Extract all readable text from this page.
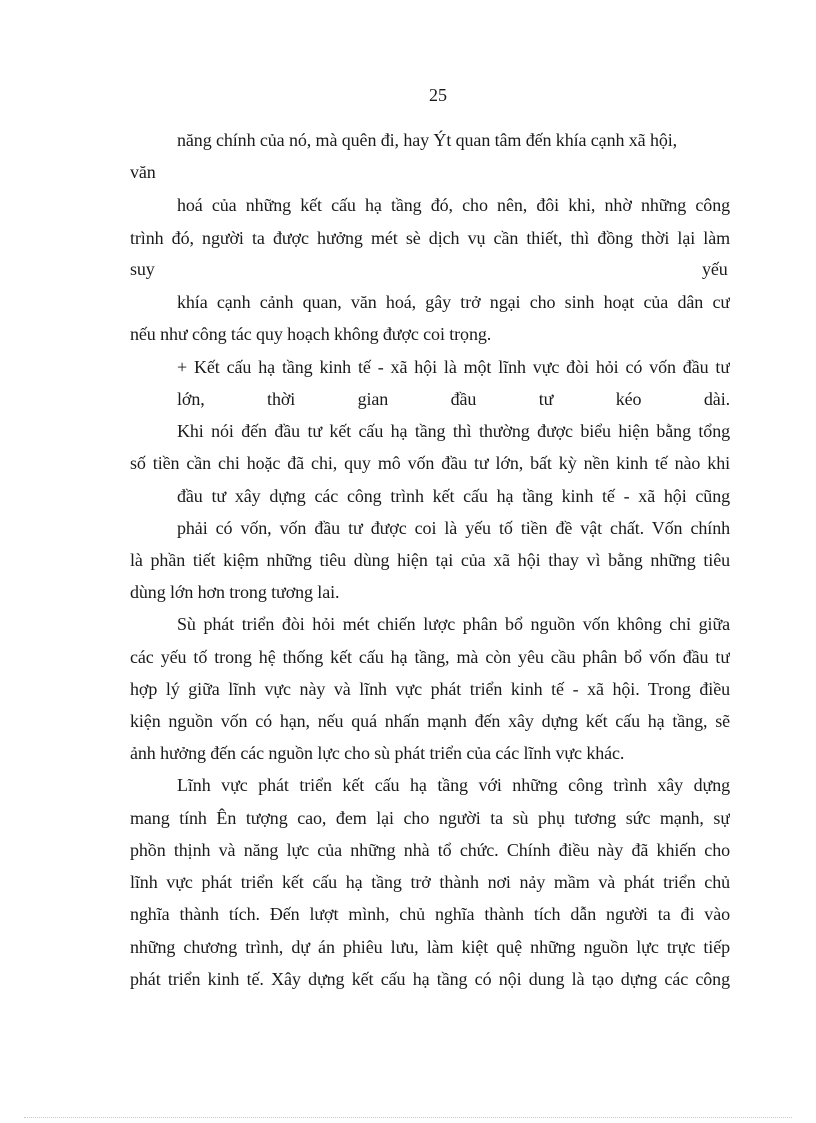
25
năng chính của nó, mà quên đi, hay Ýt quan tâm đến khía cạnh xã hội,
văn
hoá của những kết cấu hạ tầng đó, cho nên, đôi khi, nhờ những công
trình đó, người ta được hưởng mét sè dịch vụ cần thiết, thì đồng thời lại làm
suy	yếu
khía cạnh cảnh quan, văn hoá, gây trở ngại cho sinh hoạt của dân cư
nếu như công tác quy hoạch không được coi trọng.
+ Kết cấu hạ tầng kinh tế - xã hội là một lĩnh vực đòi hỏi có vốn đầu tư
lớn, thời gian đầu tư kéo dài.
Khi nói đến đầu tư kết cấu hạ tầng thì thường được biểu hiện bằng tổng
số tiền cần chi hoặc đã chi, quy mô vốn đầu tư lớn, bất kỳ nền kinh tế nào khi
đầu tư xây dựng các công trình kết cấu hạ tầng kinh tế - xã hội cũng
phải có vốn, vốn đầu tư được coi là yếu tố tiền đề vật chất. Vốn chính
là phần tiết kiệm những tiêu dùng hiện tại của xã hội thay vì bằng những tiêu
dùng lớn hơn trong tương lai.
Sù phát triển đòi hỏi mét chiến lược phân bổ nguồn vốn không chỉ giữa
các yếu tố trong hệ thống kết cấu hạ tầng, mà còn yêu cầu phân bổ vốn đầu tư
hợp lý giữa lĩnh vực này và lĩnh vực phát triển kinh tế - xã hội. Trong điều
kiện nguồn vốn có hạn, nếu quá nhấn mạnh đến xây dựng kết cấu hạ tầng, sẽ
ảnh hưởng đến các nguồn lực cho sù phát triển của các lĩnh vực khác.
Lĩnh vực phát triển kết cấu hạ tầng với những công trình xây dựng
mang tính Ên tượng cao, đem lại cho người ta sù phụ tương sức mạnh, sự
phồn thịnh và năng lực của những nhà tổ chức. Chính điều này đã khiến cho
lĩnh vực phát triển kết cấu hạ tầng trở thành nơi nảy mầm và phát triển chủ
nghĩa thành tích. Đến lượt mình, chủ nghĩa thành tích dẫn người ta đi vào
những chương trình, dự án phiêu lưu, làm kiệt quệ những nguồn lực trực tiếp
phát triển kinh tế. Xây dựng kết cấu hạ tầng có nội dung là tạo dựng các công
